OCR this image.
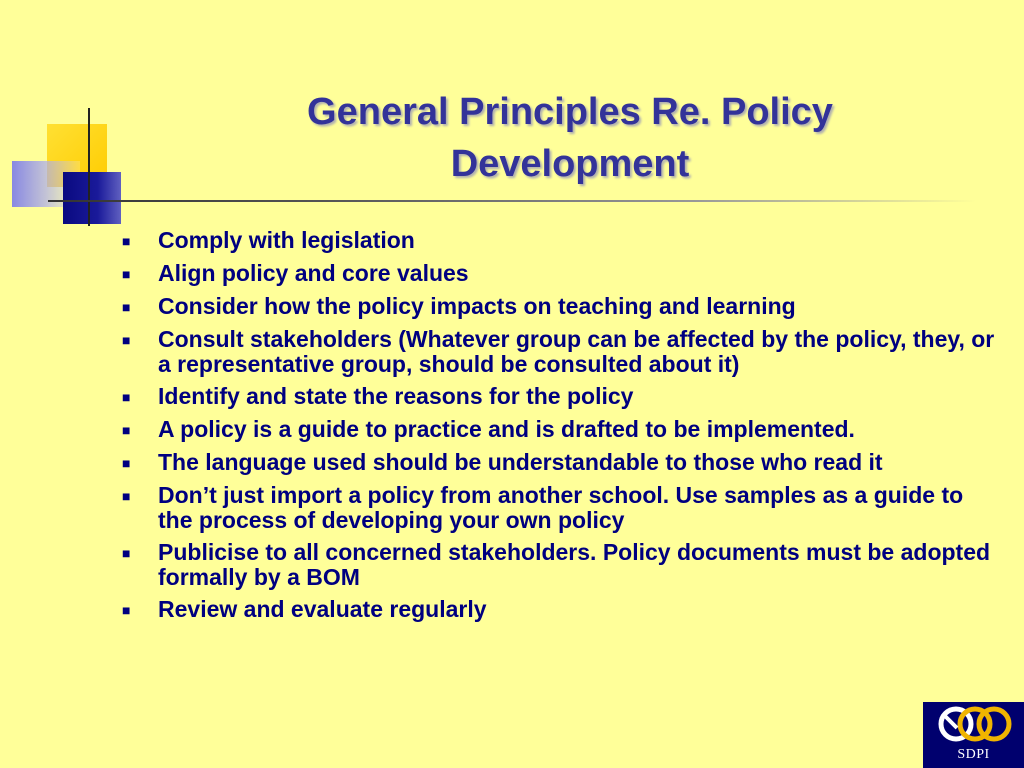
General Principles Re. Policy
Development
■	Comply with legislation
■	Align policy and core values
■	Consider how the policy impacts on teaching and learning
■	Consult stakeholders (Whatever group can be affected by the policy, they, or a representative group, should be consulted about it)
■	Identify and state the reasons for the policy
■	A policy is a guide to practice and is drafted to be implemented.
■	The language used should be understandable to those who read it
■	Don’t just import a policy from another school. Use samples as a guide to the process of developing your own policy
■	Publicise to all concerned stakeholders. Policy documents must be adopted formally by a BOM
■	Review and evaluate regularly
SDPI
